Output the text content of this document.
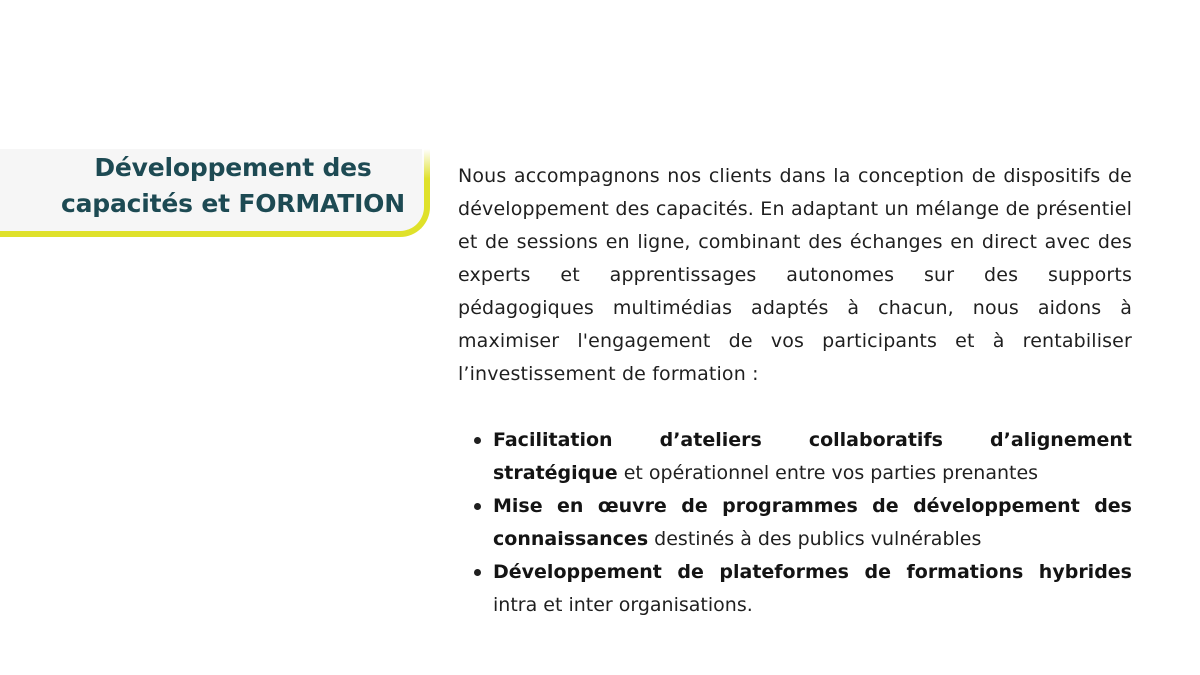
Développement des
capacités et FORMATION

Nous accompagnons nos clients dans la conception de dispositifs de développement des capacités. En adaptant un mélange de présentiel et de sessions en ligne, combinant des échanges en direct avec des experts et apprentissages autonomes sur des supports pédagogiques multimédias adaptés à chacun, nous aidons à maximiser l'engagement de vos participants et à rentabiliser l’investissement de formation :

Facilitation d’ateliers collaboratifs d’alignement stratégique et opérationnel entre vos parties prenantes
Mise en œuvre de programmes de développement des connaissances destinés à des publics vulnérables
Développement de plateformes de formations hybrides intra et inter organisations.
